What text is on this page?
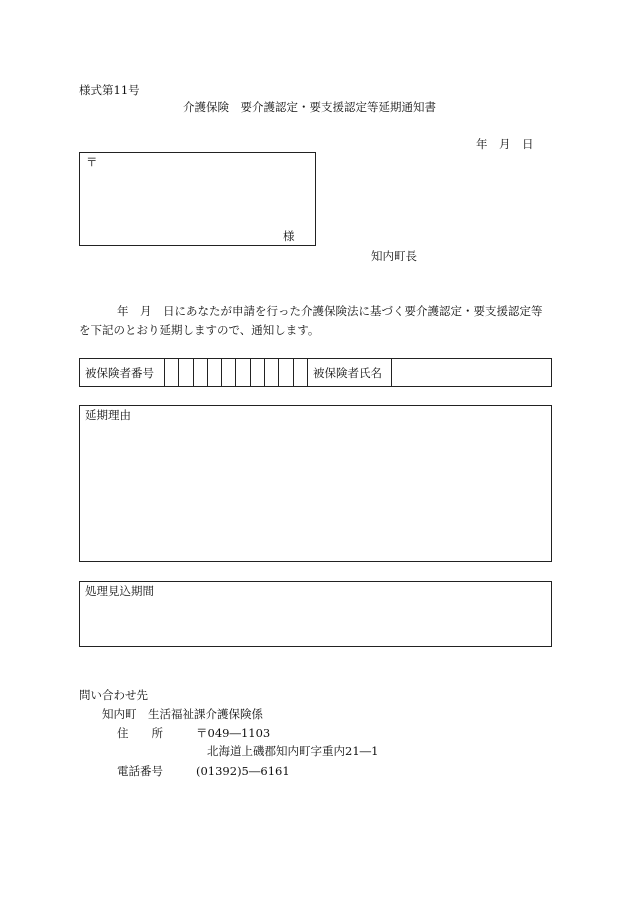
様式第11号
介護保険　要介護認定・要支援認定等延期通知書
年　月　日
〒
様
知内町長
年　月　日にあなたが申請を行った介護保険法に基づく要介護認定・要支援認定等
を下記のとおり延期しますので、通知します。
被保険者番号	被保険者氏名
延期理由
処理見込期間
問い合わせ先
知内町　生活福祉課介護保険係
住　　所	〒049―1103
北海道上磯郡知内町字重内21―1
電話番号	(01392)5―6161
